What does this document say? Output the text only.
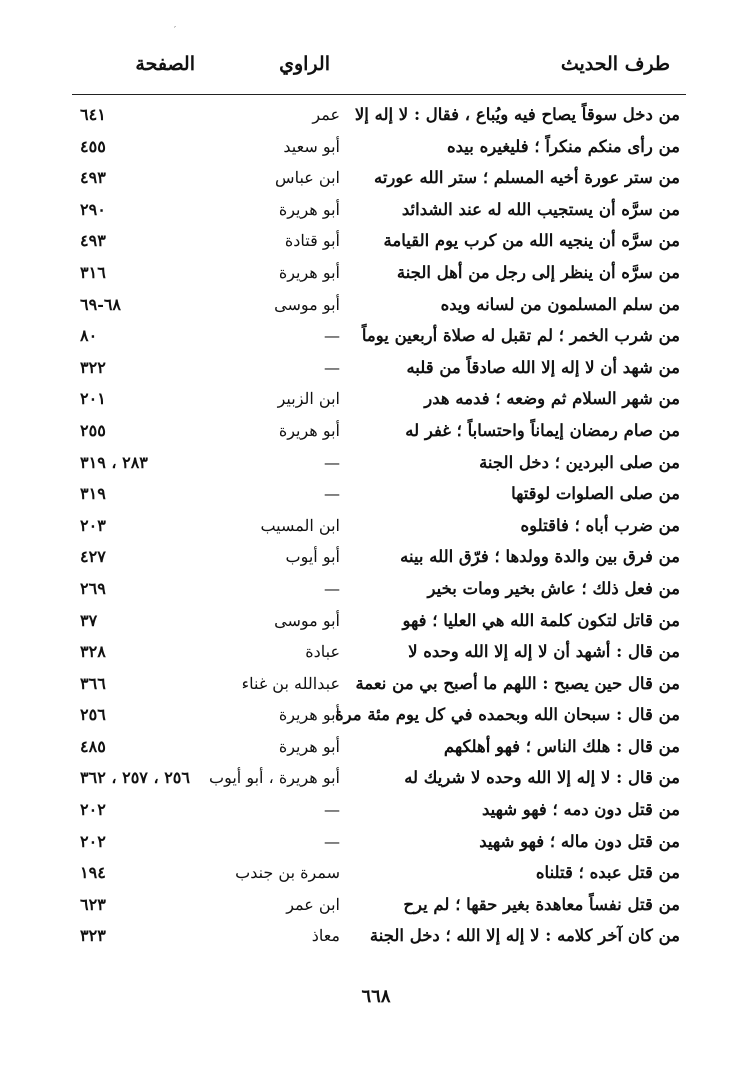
′
طرف الحديث
الراوي
الصفحة
من دخل سوقاً يصاح فيه ويُباع ، فقال : لا إله إلا
عمر
٦٤١
من رأى منكم منكراً ؛ فليغيره بيده
أبو سعيد
٤٥٥
من ستر عورة أخيه المسلم ؛ ستر الله عورته
ابن عباس
٤٩٣
من سرَّه أن يستجيب الله له عند الشدائد
أبو هريرة
٢٩٠
من سرَّه أن ينجيه الله من كرب يوم القيامة
أبو قتادة
٤٩٣
من سرَّه أن ينظر إلى رجل من أهل الجنة
أبو هريرة
٣١٦
من سلم المسلمون من لسانه ويده
أبو موسى
٦٨-٦٩
من شرب الخمر ؛ لم تقبل له صلاة أربعين يوماً
—
٨٠
من شهد أن لا إله إلا الله صادقاً من قلبه
—
٣٢٢
من شهر السلام ثم وضعه ؛ فدمه هدر
ابن الزبير
٢٠١
من صام رمضان إيماناً واحتساباً ؛ غفر له
أبو هريرة
٢٥٥
من صلى البردين ؛ دخل الجنة
—
٢٨٣ ، ٣١٩
من صلى الصلوات لوقتها
—
٣١٩
من ضرب أباه ؛ فاقتلوه
ابن المسيب
٢٠٣
من فرق بين والدة وولدها ؛ فرّق الله بينه
أبو أيوب
٤٢٧
من فعل ذلك ؛ عاش بخير ومات بخير
—
٢٦٩
من قاتل لتكون كلمة الله هي العليا ؛ فهو
أبو موسى
٣٧
من قال : أشهد أن لا إله إلا الله وحده لا
عبادة
٣٢٨
من قال حين يصبح : اللهم ما أصبح بي من نعمة
عبدالله بن غناء
٣٦٦
من قال : سبحان الله وبحمده في كل يوم مئة مرة
أبو هريرة
٢٥٦
من قال : هلك الناس ؛ فهو أهلكهم
أبو هريرة
٤٨٥
من قال : لا إله إلا الله وحده لا شريك له
أبو هريرة ، أبو أيوب
٢٥٦ ، ٢٥٧ ، ٣٦٢
من قتل دون دمه ؛ فهو شهيد
—
٢٠٢
من قتل دون ماله ؛ فهو شهيد
—
٢٠٢
من قتل عبده ؛ قتلناه
سمرة بن جندب
١٩٤
من قتل نفساً معاهدة بغير حقها ؛ لم يرح
ابن عمر
٦٢٣
من كان آخر كلامه : لا إله إلا الله ؛ دخل الجنة
معاذ
٣٢٣
٦٦٨
